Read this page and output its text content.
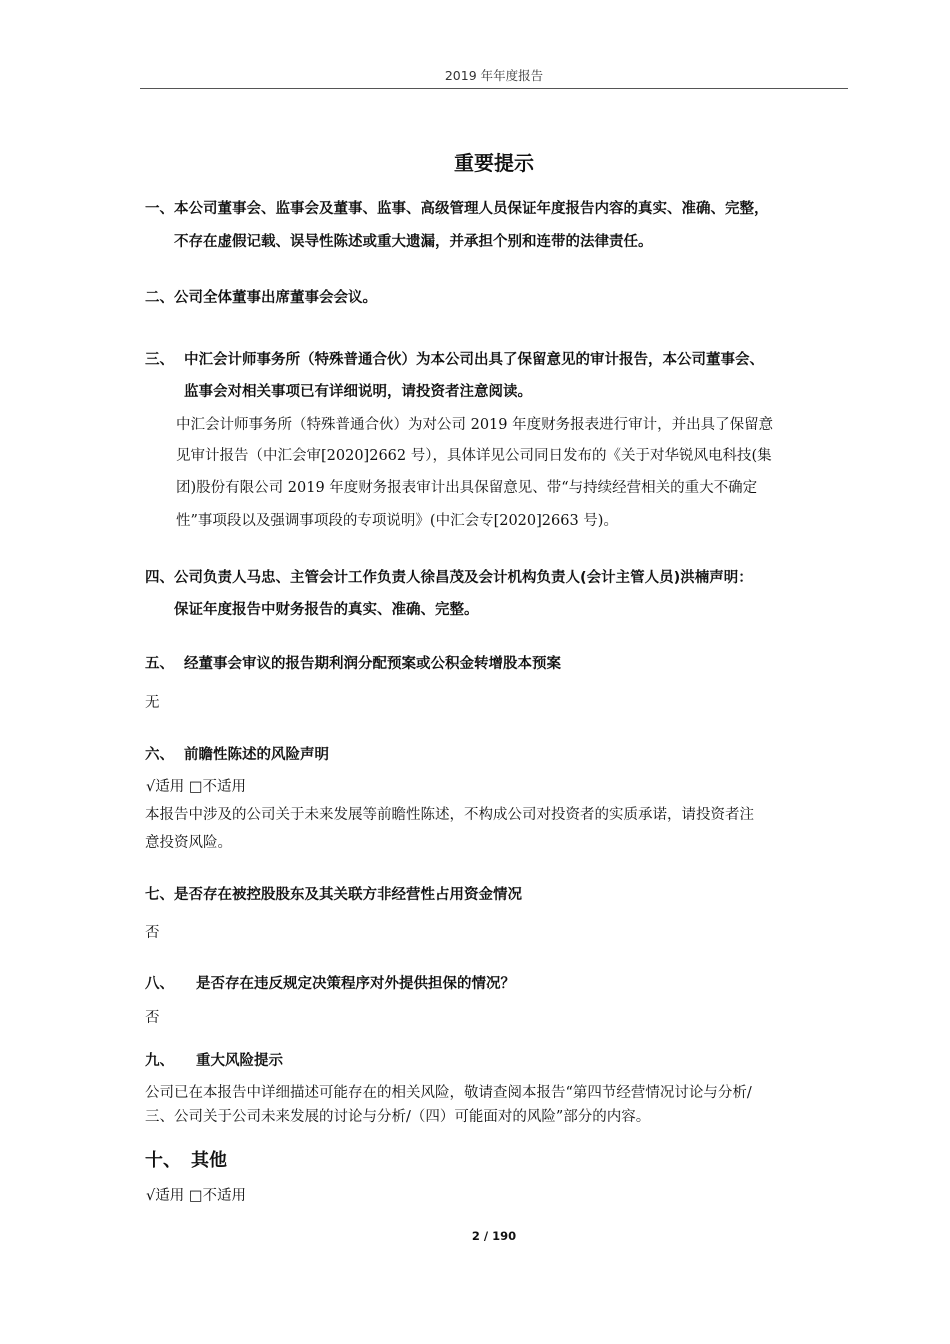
2019 年年度报告
重要提示
一、本公司董事会、监事会及董事、监事、高级管理人员保证年度报告内容的真实、准确、完整，
不存在虚假记载、误导性陈述或重大遗漏，并承担个别和连带的法律责任。
二、公司全体董事出席董事会会议。
三、 中汇会计师事务所（特殊普通合伙）为本公司出具了保留意见的审计报告，本公司董事会、
监事会对相关事项已有详细说明，请投资者注意阅读。
中汇会计师事务所（特殊普通合伙）为对公司 2019 年度财务报表进行审计，并出具了保留意
见审计报告（中汇会审[2020]2662 号），具体详见公司同日发布的《关于对华锐风电科技(集
团)股份有限公司 2019 年度财务报表审计出具保留意见、带“与持续经营相关的重大不确定
性”事项段以及强调事项段的专项说明》(中汇会专[2020]2663 号)。
四、公司负责人马忠、主管会计工作负责人徐昌茂及会计机构负责人(会计主管人员)洪楠声明：
保证年度报告中财务报告的真实、准确、完整。
五、 经董事会审议的报告期利润分配预案或公积金转增股本预案
无
六、 前瞻性陈述的风险声明
√适用 □不适用
本报告中涉及的公司关于未来发展等前瞻性陈述，不构成公司对投资者的实质承诺，请投资者注
意投资风险。
七、是否存在被控股股东及其关联方非经营性占用资金情况
否
八、 是否存在违反规定决策程序对外提供担保的情况？
否
九、 重大风险提示
公司已在本报告中详细描述可能存在的相关风险，敬请查阅本报告“第四节经营情况讨论与分析/
三、公司关于公司未来发展的讨论与分析/（四）可能面对的风险”部分的内容。
十、 其他
√适用 □不适用
2 / 190
